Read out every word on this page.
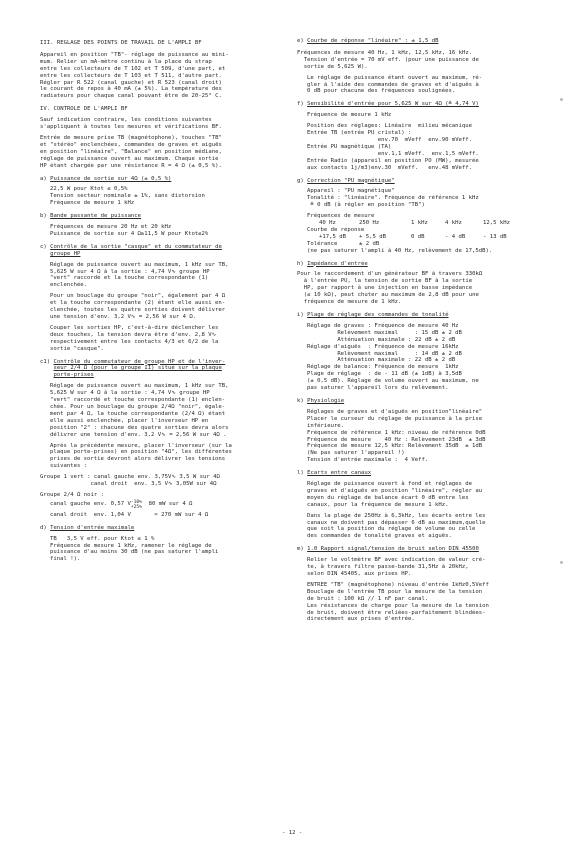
III. REGLAGE DES POINTS DE TRAVAIL DE L'AMPLI BF

Appareil en position "TB"- réglage de puissance au mini-
mum. Relier un mA-mètre continu à la place du strap
entre les collecteurs de T 102 et T 509, d'une part, et
entre les collecteurs de T 103 et T 511, d'autre part.
Régler par R 522 (canal gauche) et R 523 (canal droit)
le courant de repos à 40 mA (± 5%). La température des
radiateurs pour chaque canal pouvant être de 20-25° C.

IV. CONTROLE DE L'AMPLI BF

Sauf indication contraire, les conditions suivantes
s'appliquent à toutes les mesures et vérifications BF.

Entrée de mesure prise TB (magnétophone), touches "TB"
et "stéréo" enclenchées, commandes de graves et aiguës
en position "linéaire", "Balance" en position médiane,
réglage de puissance ouvert au maximum. Chaque sortie
HP étant chargée par une résistance R = 4 Ω (± 0,5 %).

a) Puissance de sortie sur 4Ω (± 0,5 %)

22,5 W pour Ktot ≤ 0,5%
Tension secteur nominale ± 1%, sans distorsion
Fréquence de mesure 1 kHz

b) Bande passante de puissance

Fréquences de mesure 20 Hz et 20 kHz
Puissance de sortie sur 4 Ω≥11,5 W pour Ktot≤2%

c) Contrôle de la sortie "casque" et du commutateur de
groupe HP

Réglage de puissance ouvert au maximum, 1 kHz sur TB,
5,625 W sur 4 Ω à la sortie : 4,74 V∿ groupe HP
"vert" raccordé et la touche correspondante (1)
enclenchée.

Pour un bouclage du groupe "noir", également par 4 Ω
et la touche correspondante (2) étant elle aussi en-
clenchée, toutes les quatre sorties doivent délivrer
une tension d'env. 3,2 V∿ = 2,56 W sur 4 Ω.

Couper les sorties HP, c'est-à-dire déclencher les
deux touches, la tension devra être d'env. 2,8 V∿
respectivement entre les contacts 4/3 et 6/2 de la
sortie "casque".

c1) Contrôle du commutateur de groupe HP et de l'inver-
seur 2/4 Ω (pour le groupe II) situé sur la plaque
porte-prises

Réglage de puissance ouvert au maximum, 1 kHz sur TB,
5,625 W sur 4 Ω à la sortie : 4,74 V∿ groupe HP
"vert" raccordé et touche correspondante (1) enclen-
chée. Pour un bouclage du groupe 2/4Ω "noir", égale-
ment par 4 Ω, la touche correspondante (2/4 Ω) étant
elle aussi enclenchée, placer l'inverseur HP en
position "2" : chacune des quatre sorties devra alors
délivrer une tension d'env. 3,2 V∿ = 2,56 W sur 4Ω .

Après la précédente mesure, placer l'inverseur (sur la
plaque porte-prises) en position "4Ω", les différentes
prises de sortie devront alors délivrer les tensions
suivantes :

Groupe 1 vert : canal gauche env. 3,75V∿ 3,5 W sur 4Ω
canal droit  env. 3,5 V∿ 3,05W sur 4Ω

Groupe 2/4 Ω noir :

canal gauche env. 0,57 V -10%
+25% 80 mW sur 4 Ω

canal droit  env. 1,04 V       ≈ 270 mW sur 4 Ω

d) Tension d'entrée maximale

TB   3,5 V eff. pour Ktot ≤ 1 %
Fréquence de mesure 1 kHz, ramener le réglage de
puissance d'au moins 30 dB (ne pas saturer l'ampli
final !).

e) Courbe de réponse "linéaire" : ± 1,5 dB

Fréquences de mesure 40 Hz, 1 kHz, 12,5 kHz, 16 kHz.
Tension d'entrée = 70 mV eff. (pour une puissance de
sortie de 5,625 W).

Le réglage de puissance étant ouvert au maximum, ré-
gler à l'aide des commandes de graves et d'aiguës à
0 dB pour chacune des fréquences soulignées.

f) Sensibilité d'entrée pour 5,625 W sur 4Ω (≙ 4,74 V)

Fréquence de mesure 1 kHz

Position des réglages: Linéaire  milieu mécanique
Entrée TB (entrée PU cristal) :
env.70  mVeff  env.90 mVeff.
Entrée PU magnétique (TA)
env.1,1 mVeff.  env.1,5 mVeff.
Entrée Radio (appareil en position PO (MW), mesurée
aux contacts 1j/m3)env.30  mVeff.   env.48 mVeff.

g) Correction "PU magnétique"

Appareil : "PU magnétique"
Tonalité : "linéaire". Fréquence de référence 1 kHz
≙ 0 dB (à régler en position "TB")

Fréquences de mesure
40 Hz	250 Hz	1 kHz	4 kHz	12,5 kHz
Courbe de réponse
+17,5 dB	+ 5,5 dB	0 dB	- 4 dB	- 13 dB
Tolérance	± 2 dB
(ne pas saturer l'ampli à 40 Hz, relèvement de 17,5dB).

h) Impédance d'entrée

Pour le raccordement d'un générateur BF à travers 330kΩ
à l'entrée PU, la tension de sortie BF à la sortie
HP, par rapport à une injection en basse impédance
(≤ 10 kΩ), peut chuter au maximum de 2,8 dB pour une
fréquence de mesure de 1 kHz.

i) Plage de réglage des commandes de tonalité

Réglage de graves : Fréquence de mesure 40 Hz
Relèvement maximal     : 15 dB ± 2 dB
Atténuation maximale : 22 dB ± 2 dB
Réglage d'aiguës  : Fréquence de mesure 16kHz
Relèvement maximal     : 14 dB ± 2 dB
Atténuation maximale : 22 dB ± 2 dB
Réglage de balance: Fréquence de mesure  1kHz
Plage de réglage  : de - 11 dB (± 1dB) à 3,5dB
(± 0,5 dB). Réglage de volume ouvert au maximum, ne
pas saturer l'appareil lors du relèvement.

k) Physiologie

Réglages de graves et d'aiguës en position"linéaire"
Placer le curseur du réglage de puissance à la prise
inférieure.
Fréquence de référence 1 kHz: niveau de référence 0dB
Fréquence de mesure    40 Hz : Relèvement 23dB  ± 3dB
Fréquence de mesure 12,5 kHz: Relèvement 35dB  ± 1dB
(Ne pas saturer l'appareil !)
Tension d'entrée maximale :  4 Veff.

l) Ecarts entre canaux

Réglage de puissance ouvert à fond et réglages de
graves et d'aiguës en position "linéaire", régler au
moyen du réglage de balance écart 0 dB entre les
canaux, pour la fréquence de mesure 1 kHz.

Dans la plage de 250Hz à 6,3kHz, les écarts entre les
canaux ne doivent pas dépasser 6 dB au maximum,quelle
que soit la position du réglage de volume ou celle
des commandes de tonalité graves et aiguës.

m) 1.0 Rapport signal/tension de bruit selon DIN 45500

Relier le voltmètre BF avec indication de valeur cré-
te, à travers filtre passe-bande 31,5Hz à 20kHz,
selon DIN 45405, aux prises HP.

ENTREE "TB" (magnétophone) niveau d'entrée 1kHz0,5Veff
Bouclage de l'entrée TB pour la mesure de la tension
de bruit : 100 kΩ // 1 nF par canal.
Les résistances de charge pour la mesure de la tension
de bruit, doivent être reliées-parfaitement blindées-
directement aux prises d'entrée.

- 12 -
